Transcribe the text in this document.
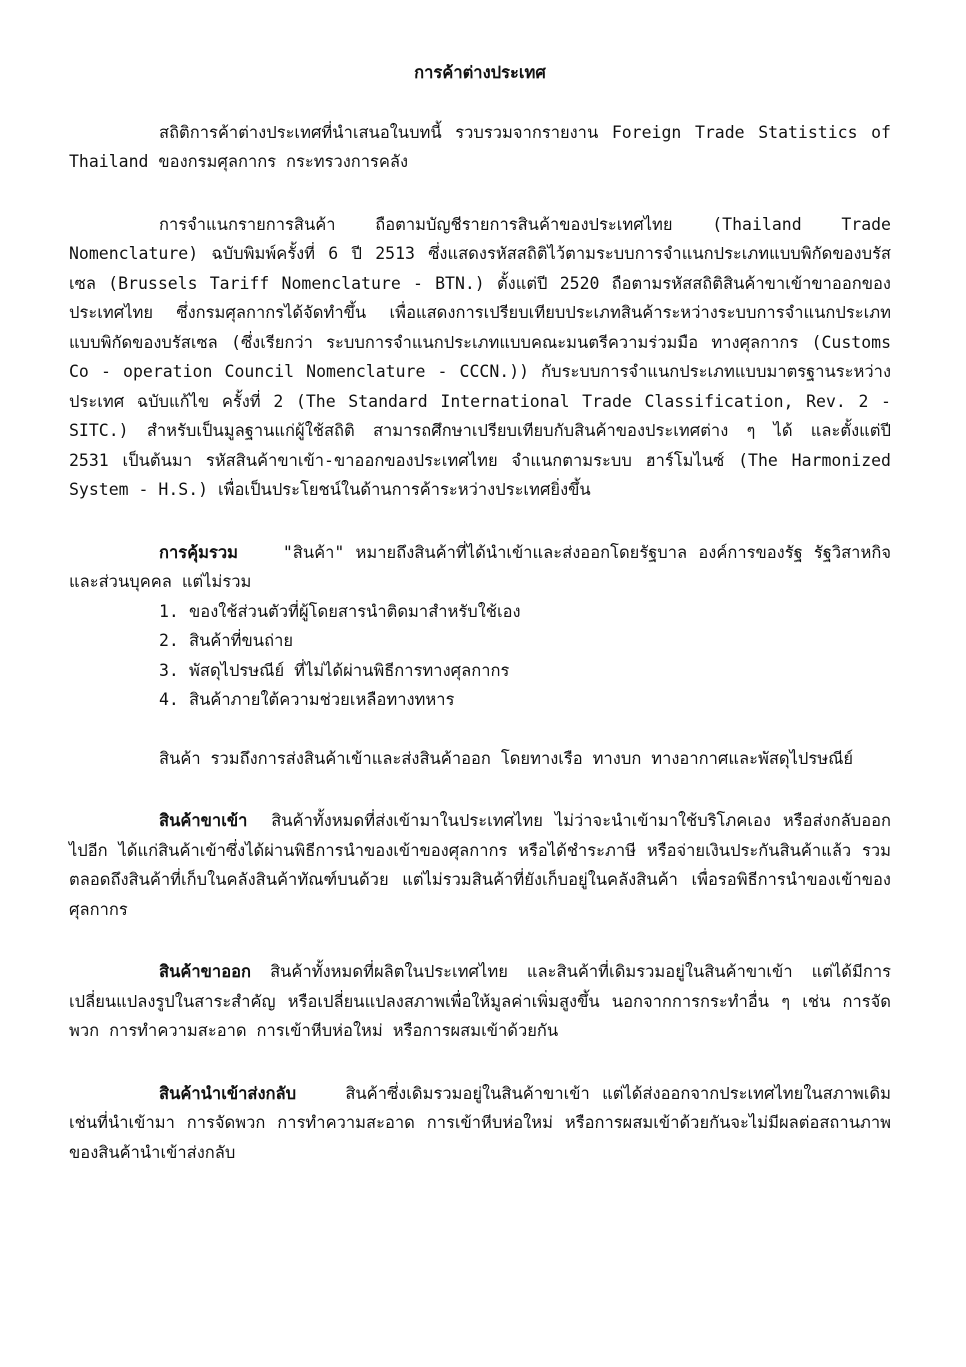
การค้าต่างประเทศ

สถิติการค้าต่างประเทศที่นำเสนอในบทนี้ รวบรวมจากรายงาน Foreign Trade Statistics of Thailand ของกรมศุลกากร กระทรวงการคลัง

การจำแนกรายการสินค้า ถือตามบัญชีรายการสินค้าของประเทศไทย (Thailand Trade Nomenclature) ฉบับพิมพ์ครั้งที่ 6 ปี 2513 ซึ่งแสดงรหัสสถิติไว้ตามระบบการจำแนกประเภทแบบพิกัดของบรัสเซล (Brussels Tariff Nomenclature - BTN.) ตั้งแต่ปี 2520 ถือตามรหัสสถิติสินค้าขาเข้าขาออกของประเทศไทย ซึ่งกรมศุลกากรได้จัดทำขึ้น เพื่อแสดงการเปรียบเทียบประเภทสินค้าระหว่างระบบการจำแนกประเภทแบบพิกัดของบรัสเซล (ซึ่งเรียกว่า ระบบการจำแนกประเภทแบบคณะมนตรีความร่วมมือ ทางศุลกากร (Customs Co - operation Council Nomenclature - CCCN.)) กับระบบการจำแนกประเภทแบบมาตรฐานระหว่างประเทศ ฉบับแก้ไข ครั้งที่ 2 (The Standard International Trade Classification, Rev. 2 - SITC.) สำหรับเป็นมูลฐานแก่ผู้ใช้สถิติ สามารถศึกษาเปรียบเทียบกับสินค้าของประเทศต่าง ๆ ได้ และตั้งแต่ปี 2531 เป็นต้นมา รหัสสินค้าขาเข้า-ขาออกของประเทศไทย จำแนกตามระบบ ฮาร์โมไนซ์ (The Harmonized System - H.S.) เพื่อเป็นประโยชน์ในด้านการค้าระหว่างประเทศยิ่งขึ้น

การคุ้มรวม	"สินค้า" หมายถึงสินค้าที่ได้นำเข้าและส่งออกโดยรัฐบาล องค์การของรัฐ รัฐวิสาหกิจ และส่วนบุคคล แต่ไม่รวม

1. ของใช้ส่วนตัวที่ผู้โดยสารนำติดมาสำหรับใช้เอง
2. สินค้าที่ขนถ่าย
3. พัสดุไปรษณีย์ ที่ไม่ได้ผ่านพิธีการทางศุลกากร
4. สินค้าภายใต้ความช่วยเหลือทางทหาร

สินค้า รวมถึงการส่งสินค้าเข้าและส่งสินค้าออก โดยทางเรือ ทางบก ทางอากาศและพัสดุไปรษณีย์

สินค้าขาเข้า สินค้าทั้งหมดที่ส่งเข้ามาในประเทศไทย ไม่ว่าจะนำเข้ามาใช้บริโภคเอง หรือส่งกลับออกไปอีก ได้แก่สินค้าเข้าซึ่งได้ผ่านพิธีการนำของเข้าของศุลกากร หรือได้ชำระภาษี หรือจ่ายเงินประกันสินค้าแล้ว รวมตลอดถึงสินค้าที่เก็บในคลังสินค้าทัณฑ์บนด้วย แต่ไม่รวมสินค้าที่ยังเก็บอยู่ในคลังสินค้า เพื่อรอพิธีการนำของเข้าของศุลกากร

สินค้าขาออก สินค้าทั้งหมดที่ผลิตในประเทศไทย และสินค้าที่เดิมรวมอยู่ในสินค้าขาเข้า แต่ได้มีการเปลี่ยนแปลงรูปในสาระสำคัญ หรือเปลี่ยนแปลงสภาพเพื่อให้มูลค่าเพิ่มสูงขึ้น นอกจากการกระทำอื่น ๆ เช่น การจัดพวก การทำความสะอาด การเข้าหีบห่อใหม่ หรือการผสมเข้าด้วยกัน

สินค้านำเข้าส่งกลับ	สินค้าซึ่งเดิมรวมอยู่ในสินค้าขาเข้า แต่ได้ส่งออกจากประเทศไทยในสภาพเดิมเช่นที่นำเข้ามา การจัดพวก การทำความสะอาด การเข้าหีบห่อใหม่ หรือการผสมเข้าด้วยกันจะไม่มีผลต่อสถานภาพของสินค้านำเข้าส่งกลับ
